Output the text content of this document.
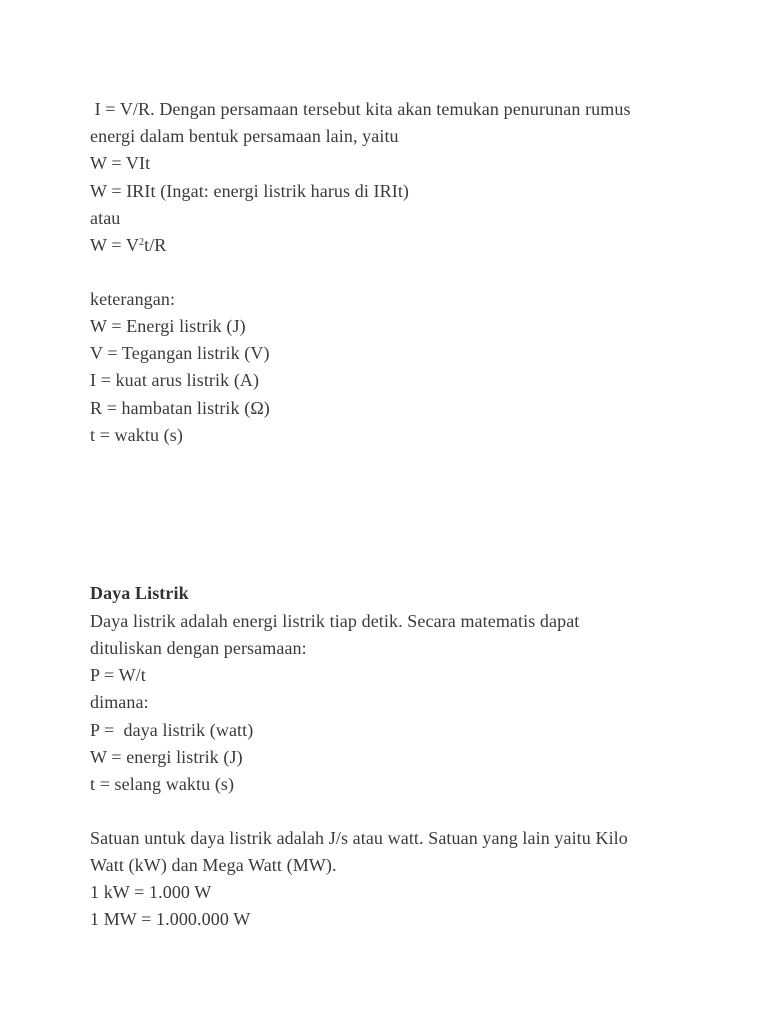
I = V/R. Dengan persamaan tersebut kita akan temukan penurunan rumus
energi dalam bentuk persamaan lain, yaitu
W = VIt
W = IRIt (Ingat: energi listrik harus di IRIt)
atau
$W = V^2t/R$
keterangan:
W = Energi listrik (J)
V = Tegangan listrik (V)
I = kuat arus listrik (A)
R = hambatan listrik (Ω)
t = waktu (s)
Daya Listrik
Daya listrik adalah energi listrik tiap detik. Secara matematis dapat
dituliskan dengan persamaan:
P = W/t
dimana:
P =  daya listrik (watt)
W = energi listrik (J)
t = selang waktu (s)
Satuan untuk daya listrik adalah J/s atau watt. Satuan yang lain yaitu Kilo
Watt (kW) dan Mega Watt (MW).
1 kW = 1.000 W
1 MW = 1.000.000 W
